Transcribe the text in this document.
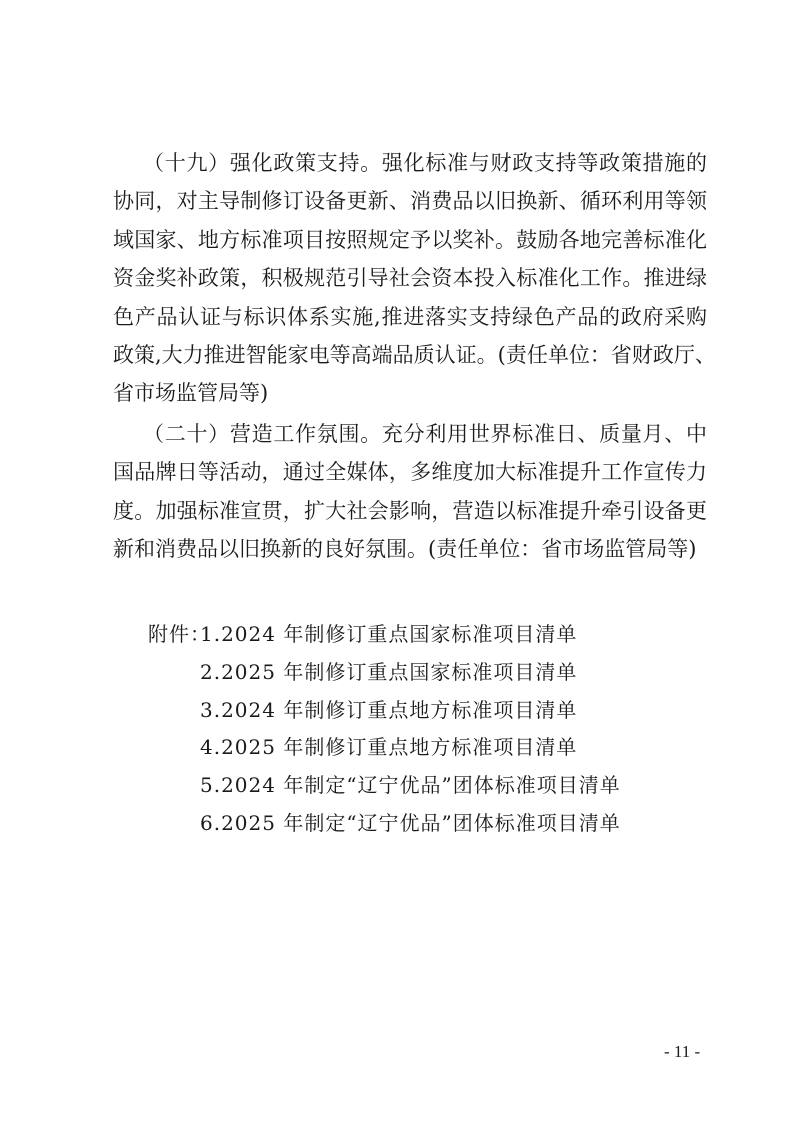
（十九）强化政策支持。强化标准与财政支持等政策措施的
协同，对主导制修订设备更新、消费品以旧换新、循环利用等领
域国家、地方标准项目按照规定予以奖补。鼓励各地完善标准化
资金奖补政策，积极规范引导社会资本投入标准化工作。推进绿
色产品认证与标识体系实施,推进落实支持绿色产品的政府采购
政策,大力推进智能家电等高端品质认证。(责任单位：省财政厅、
省市场监管局等)
（二十）营造工作氛围。充分利用世界标准日、质量月、中
国品牌日等活动，通过全媒体，多维度加大标准提升工作宣传力
度。加强标准宣贯，扩大社会影响，营造以标准提升牵引设备更
新和消费品以旧换新的良好氛围。(责任单位：省市场监管局等)
附件：1.2024 年制修订重点国家标准项目清单
2.2025 年制修订重点国家标准项目清单
3.2024 年制修订重点地方标准项目清单
4.2025 年制修订重点地方标准项目清单
5.2024 年制定“辽宁优品”团体标准项目清单
6.2025 年制定“辽宁优品”团体标准项目清单
- 11 -
